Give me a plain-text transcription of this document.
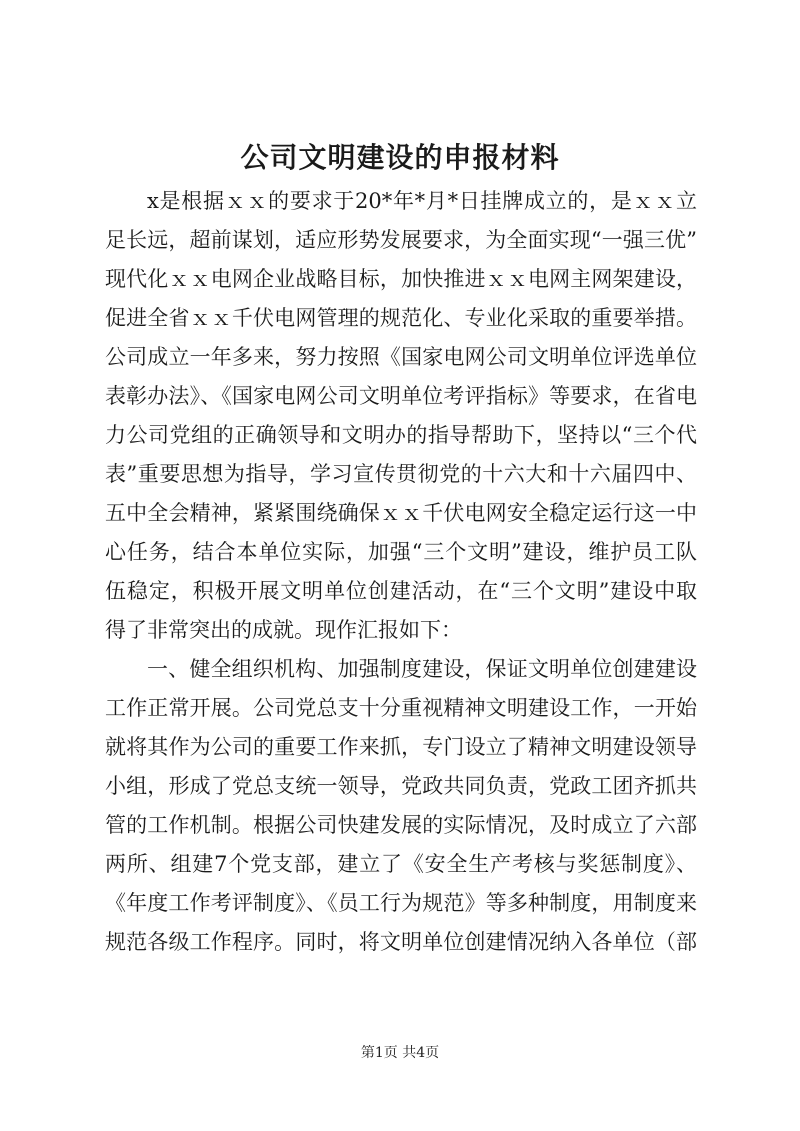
公司文明建设的申报材料
x是根据ｘｘ的要求于20*年*月*日挂牌成立的，是ｘｘ立
足长远，超前谋划，适应形势发展要求，为全面实现“一强三优”
现代化ｘｘ电网企业战略目标，加快推进ｘｘ电网主网架建设，
促进全省ｘｘ千伏电网管理的规范化、专业化采取的重要举措。
公司成立一年多来，努力按照《国家电网公司文明单位评选单位
表彰办法》、《国家电网公司文明单位考评指标》等要求，在省电
力公司党组的正确领导和文明办的指导帮助下，坚持以“三个代
表”重要思想为指导，学习宣传贯彻党的十六大和十六届四中、
五中全会精神，紧紧围绕确保ｘｘ千伏电网安全稳定运行这一中
心任务，结合本单位实际，加强“三个文明”建设，维护员工队
伍稳定，积极开展文明单位创建活动，在“三个文明”建设中取
得了非常突出的成就。现作汇报如下：
一、健全组织机构、加强制度建设，保证文明单位创建建设
工作正常开展。公司党总支十分重视精神文明建设工作，一开始
就将其作为公司的重要工作来抓，专门设立了精神文明建设领导
小组，形成了党总支统一领导，党政共同负责，党政工团齐抓共
管的工作机制。根据公司快建发展的实际情况，及时成立了六部
两所、组建7个党支部，建立了《安全生产考核与奖惩制度》、
《年度工作考评制度》、《员工行为规范》等多种制度，用制度来
规范各级工作程序。同时，将文明单位创建情况纳入各单位（部
第1页 共4页
